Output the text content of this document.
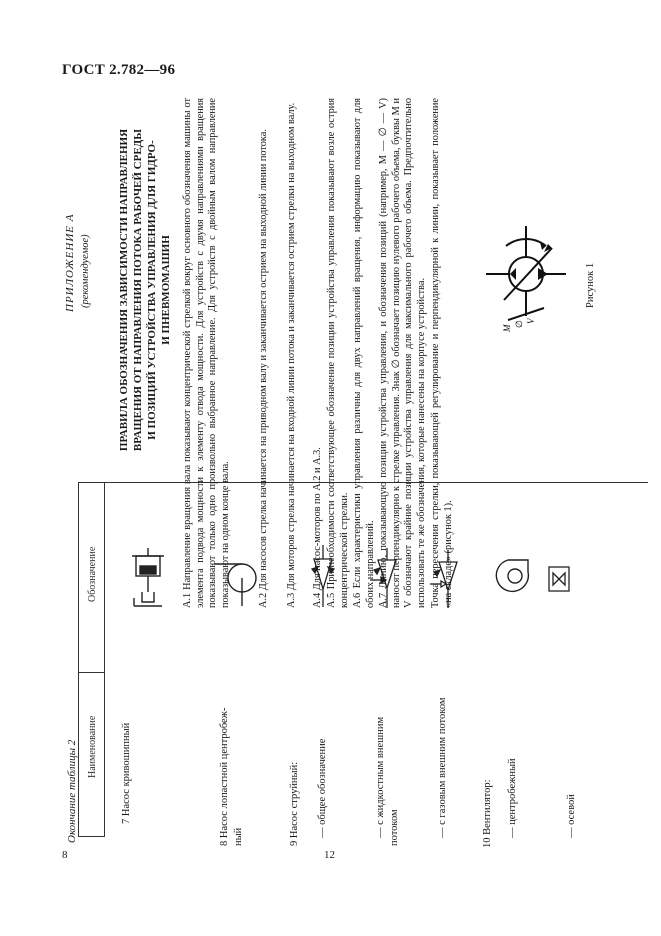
ГОСТ 2.782—96
8	12
Окончание таблицы 2 Наименование
Обозначение
7 Насос кривошипный	8 Насос лопастной центробеж- ный	9 Насос струйный: — общее обозначение	— с жидкостным внешним потоком	— с газовым внешним потоком	10 Вентилятор: — центробежный	— осевой
ПРИЛОЖЕНИЕ А (рекомендуемое) ПРАВИЛА ОБОЗНАЧЕНИЯ ЗАВИСИМОСТИ НАПРАВЛЕНИЯ ВРАЩЕНИЯ ОТ НАПРАВЛЕНИЯ ПОТОКА РАБОЧЕЙ СРЕДЫ И ПОЗИЦИЙ УСТРОЙСТВА УПРАВЛЕНИЯ ДЛЯ ГИДРО- И ПНЕВМОМАШИН А.1 Направление вращения вала показывают концентрической стрелкой вокруг основного обозначения машины от элемента подвода мощности к элементу отвода мощности. Для устройств с двумя направлениями вращения показывают только одно произвольно выбранное направление. Для устройств с двойным валом направление показывают на одном конце вала.	А.2 Для насосов стрелка начинается на приводном валу и заканчивается острием на выходной линии потока.	А.3 Для моторов стрелка начинается на входной линии потока и заканчивается острием стрелки на выходном валу.	А.4 Для насос-моторов по А.2 и А.3. А.5 При необходимости соответствующее обозначение позиции устройства управления показывают возле острия концентрической стрелки. А.6 Если характеристики управления различны для двух направлений вращения, информацию показывают для обоих направлений. А.7 Линию, показывающую позиции устройства управления, и обозначения позиций (например, M — ∅ — V) наносят перпендикулярно к стрелке управления. Знак ∅ обозначает позицию нулевого рабочего объема, буквы M и V обозначают крайние позиции устройства управления для максимального рабочего объема. Предпочтительно использовать те же обозначения, которые нанесены на корпусе устройства. Точка пересечения стрелки, показывающей регулирование и перпендикулярной к линии, показывает положение «на складе» (рисунок 1).
M
∅ V
Рисунок 1
